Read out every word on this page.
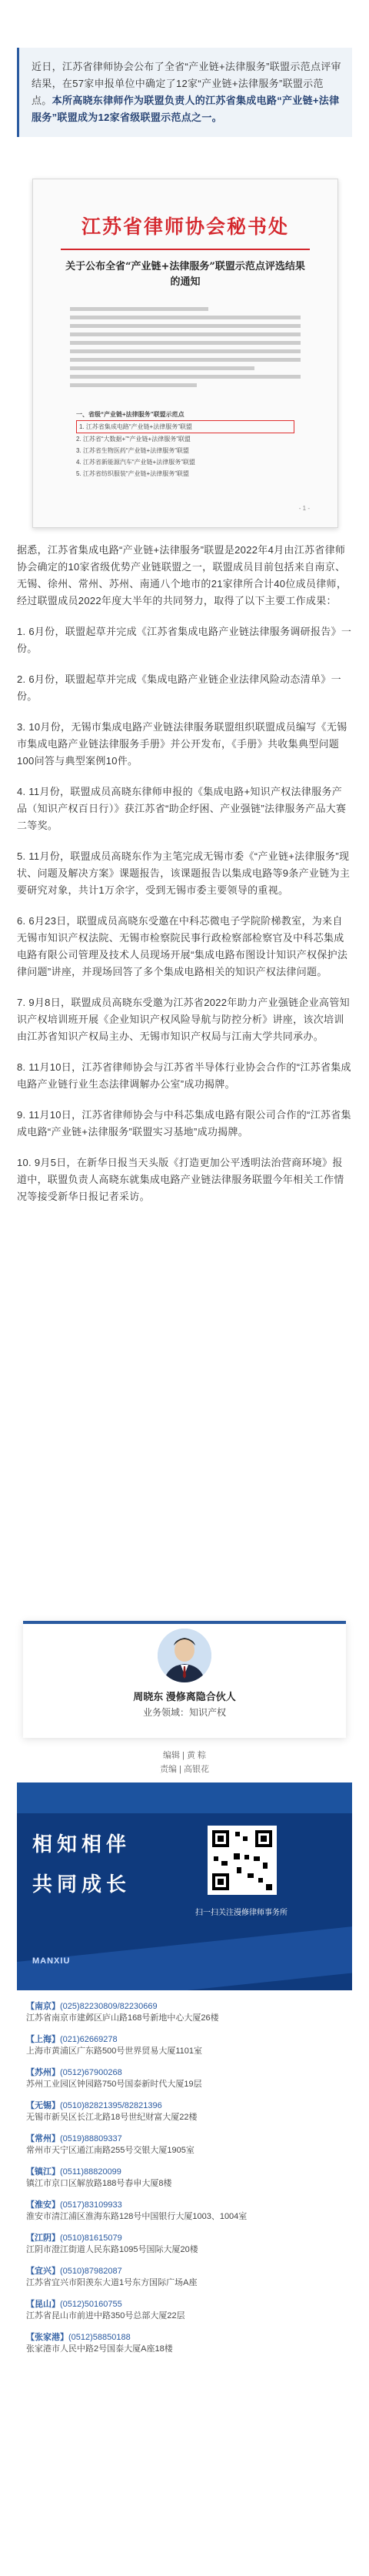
近日，江苏省律师协会公布了全省“产业链+法律服务”联盟示范点评审结果，在57家申报单位中确定了12家“产业链+法律服务”联盟示范点。本所高晓东律师作为联盟负责人的江苏省集成电路“产业链+法律服务”联盟成为12家省级联盟示范点之一。
江苏省律师协会秘书处
关于公布全省“产业链+法律服务”联盟示范点评选结果的通知
一、省级“产业链+法律服务”联盟示范点
1. 江苏省集成电路“产业链+法律服务”联盟
2. 江苏省“大数据+”“产业链+法律服务”联盟
3. 江苏省生物医药“产业链+法律服务”联盟
4. 江苏省新能源汽车“产业链+法律服务”联盟
5. 江苏省纺织服装“产业链+法律服务”联盟
- 1 -

据悉，江苏省集成电路“产业链+法律服务”联盟是2022年4月由江苏省律师协会确定的10家省级优势产业链联盟之一，联盟成员目前包括来自南京、无锡、徐州、常州、苏州、南通八个地市的21家律所合计40位成员律师，经过联盟成员2022年度大半年的共同努力，取得了以下主要工作成果：

1. 6月份，联盟起草并完成《江苏省集成电路产业链法律服务调研报告》一份。

2. 6月份，联盟起草并完成《集成电路产业链企业法律风险动态清单》一份。

3. 10月份，无锡市集成电路产业链法律服务联盟组织联盟成员编写《无锡市集成电路产业链法律服务手册》并公开发布，《手册》共收集典型问题100问答与典型案例10件。

4. 11月份，联盟成员高晓东律师申报的《集成电路+知识产权法律服务产品（知识产权百日行）》获江苏省“助企纾困、产业强链”法律服务产品大赛二等奖。

5. 11月份，联盟成员高晓东作为主笔完成无锡市委《“产业链+法律服务”现状、问题及解决方案》课题报告，该课题报告以集成电路等9条产业链为主要研究对象，共计1万余字，受到无锡市委主要领导的重视。

6. 6月23日，联盟成员高晓东受邀在中科芯微电子学院阶梯教室，为来自无锡市知识产权法院、无锡市检察院民事行政检察部检察官及中科芯集成电路有限公司管理及技术人员现场开展“集成电路布图设计知识产权保护法律问题”讲座，并现场回答了多个集成电路相关的知识产权法律问题。

7. 9月8日，联盟成员高晓东受邀为江苏省2022年助力产业强链企业高管知识产权培训班开展《企业知识产权风险导航与防控分析》讲座，该次培训由江苏省知识产权局主办、无锡市知识产权局与江南大学共同承办。

8. 11月10日，江苏省律师协会与江苏省半导体行业协会合作的“江苏省集成电路产业链行业生态法律调解办公室”成功揭牌。

9. 11月10日，江苏省律师协会与中科芯集成电路有限公司合作的“江苏省集成电路“产业链+法律服务”联盟实习基地”成功揭牌。

10. 9月5日，在新华日报当天头版《打造更加公平透明法治营商环境》报道中，联盟负责人高晓东就集成电路产业链法律服务联盟今年相关工作情况等接受新华日报记者采访。

周晓东 漫修离隐合伙人
业务领域：知识产权
编辑 | 黄 粽
责编 | 高银花
相知相伴
共同成长
扫一扫关注漫修律师事务所
MANXIU
【南京】(025)82230809/82230669
江苏省南京市建邺区庐山路168号新地中心大厦26楼
【上海】(021)62669278
上海市黄浦区广东路500号世界贸易大厦1101室
【苏州】(0512)67900268
苏州工业园区钟园路750号国泰新时代大厦19层
【无锡】(0510)82821395/82821396
无锡市新吴区长江北路18号世纪财富大厦22楼
【常州】(0519)88809337
常州市天宁区通江南路255号交银大厦1905室
【镇江】(0511)88820099
镇江市京口区解放路188号春申大厦8楼
【淮安】(0517)83109933
淮安市清江浦区淮海东路128号中国银行大厦1003、1004室
【江阴】(0510)81615079
江阴市澄江街道人民东路1095号国际大厦20楼
【宜兴】(0510)87982087
江苏省宜兴市阳羡东大道1号东方国际广场A座
【昆山】(0512)50160755
江苏省昆山市前进中路350号总部大厦22层
【张家港】(0512)58850188
张家港市人民中路2号国泰大厦A座18楼
